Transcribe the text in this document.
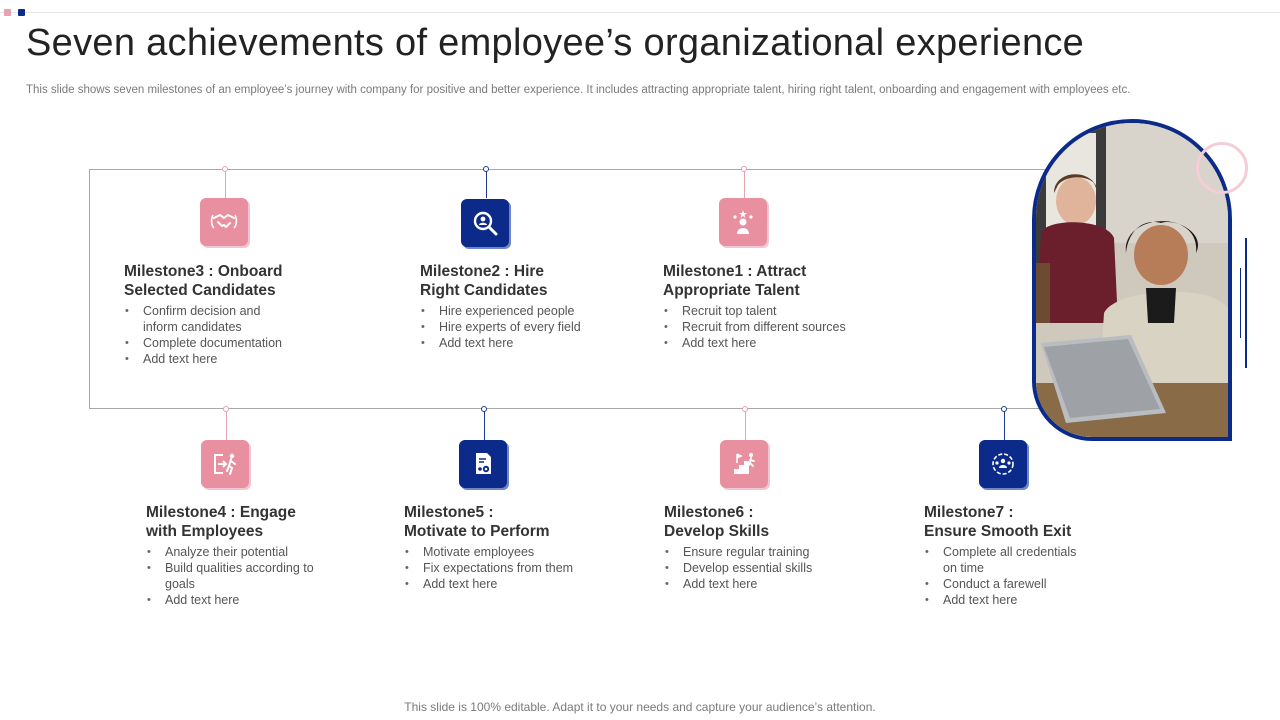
Seven achievements of employee’s organizational experience
This slide shows seven milestones of an employee’s journey with company for positive and better experience. It includes attracting appropriate talent, hiring right talent, onboarding and engagement with employees etc.
Milestone3 : Onboard
Selected Candidates
• Confirm decision and inform candidates
• Complete documentation
• Add text here
Milestone2 : Hire
Right Candidates
• Hire experienced people
• Hire experts of every field
• Add text here
Milestone1 : Attract
Appropriate Talent
• Recruit top talent
• Recruit from different sources
• Add text here
Milestone4 : Engage
with Employees
• Analyze their potential
• Build qualities according to goals
• Add text here
Milestone5 :
Motivate to Perform
• Motivate employees
• Fix expectations from them
• Add text here
Milestone6 :
Develop Skills
• Ensure regular training
• Develop essential skills
• Add text here
Milestone7 :
Ensure Smooth Exit
• Complete all credentials on time
• Conduct a farewell
• Add text here
This slide is 100% editable. Adapt it to your needs and capture your audience’s attention.
